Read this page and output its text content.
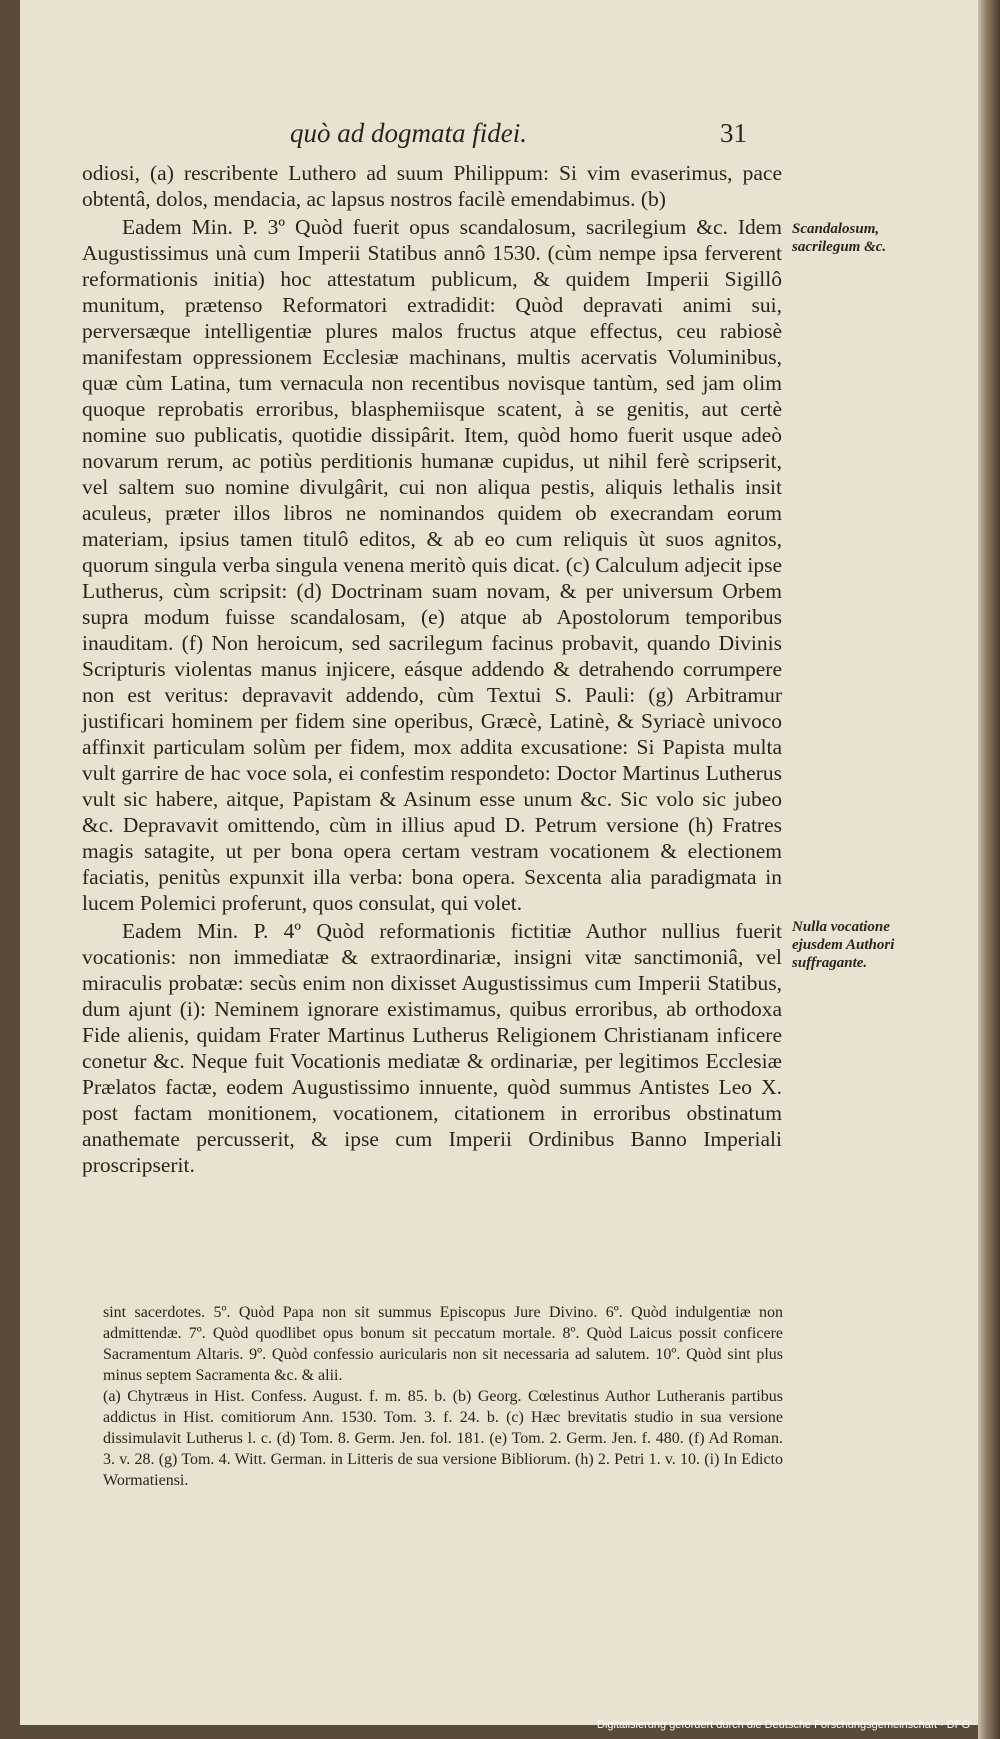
quò ad dogmata fidei.	31

odiosi, (a) rescribente Luthero ad suum Philippum: Si vim evaserimus, pace obtentâ, dolos, mendacia, ac lapsus nostros facilè emendabimus. (b)

Eadem Min. P. 3º Quòd fuerit opus scandalosum, sacrilegium &c. Idem Augustissimus unà cum Imperii Statibus annô 1530. (cùm nempe ipsa ferverent reformationis initia) hoc attestatum publicum, & quidem Imperii Sigillô munitum, prætenso Reformatori extradidit: Quòd depravati animi sui, perversæque intelligentiæ plures malos fructus atque effectus, ceu rabiosè manifestam oppressionem Ecclesiæ machinans, multis acervatis Voluminibus, quæ cùm Latina, tum vernacula non recentibus novisque tantùm, sed jam olim quoque reprobatis erroribus, blasphemiisque scatent, à se genitis, aut certè nomine suo publicatis, quotidie dissipârit. Item, quòd homo fuerit usque adeò novarum rerum, ac potiùs perditionis humanæ cupidus, ut nihil ferè scripserit, vel saltem suo nomine divulgârit, cui non aliqua pestis, aliquis lethalis insit aculeus, præter illos libros ne nominandos quidem ob execrandam eorum materiam, ipsius tamen titulô editos, & ab eo cum reliquis ùt suos agnitos, quorum singula verba singula venena meritò quis dicat. (c) Calculum adjecit ipse Lutherus, cùm scripsit: (d) Doctrinam suam novam, & per universum Orbem supra modum fuisse scandalosam, (e) atque ab Apostolorum temporibus inauditam. (f) Non heroicum, sed sacrilegum facinus probavit, quando Divinis Scripturis violentas manus injicere, eásque addendo & detrahendo corrumpere non est veritus: depravavit addendo, cùm Textui S. Pauli: (g) Arbitramur justificari hominem per fidem sine operibus, Græcè, Latinè, & Syriacè univoco affinxit particulam solùm per fidem, mox addita excusatione: Si Papista multa vult garrire de hac voce sola, ei confestim respondeto: Doctor Martinus Lutherus vult sic habere, aitque, Papistam & Asinum esse unum &c. Sic volo sic jubeo &c. Depravavit omittendo, cùm in illius apud D. Petrum versione (h) Fratres magis satagite, ut per bona opera certam vestram vocationem & electionem faciatis, penitùs expunxit illa verba: bona opera. Sexcenta alia paradigmata in lucem Polemici proferunt, quos consulat, qui volet.

Eadem Min. P. 4º Quòd reformationis fictitiæ Author nullius fuerit vocationis: non immediatæ & extraordinariæ, insigni vitæ sanctimoniâ, vel miraculis probatæ: secùs enim non dixisset Augustissimus cum Imperii Statibus, dum ajunt (i): Neminem ignorare existimamus, quibus erroribus, ab orthodoxa Fide alienis, quidam Frater Martinus Lutherus Religionem Christianam inficere conetur &c. Neque fuit Vocationis mediatæ & ordinariæ, per legitimos Ecclesiæ Prælatos factæ, eodem Augustissimo innuente, quòd summus Antistes Leo X. post factam monitionem, vocationem, citationem in erroribus obstinatum anathemate percusserit, & ipse cum Imperii Ordinibus Banno Imperiali proscripserit.

Scandalosum, sacrilegum &c.
Nulla vocatione ejusdem Authori suffragante.

sint sacerdotes. 5º. Quòd Papa non sit summus Episcopus Jure Divino. 6º. Quòd indulgentiæ non admittendæ. 7º. Quòd quodlibet opus bonum sit peccatum mortale. 8º. Quòd Laicus possit conficere Sacramentum Altaris. 9º. Quòd confessio auricularis non sit necessaria ad salutem. 10º. Quòd sint plus minus septem Sacramenta &c. & alii.

(a) Chytræus in Hist. Confess. August. f. m. 85. b. (b) Georg. Cœlestinus Author Lutheranis partibus addictus in Hist. comitiorum Ann. 1530. Tom. 3. f. 24. b. (c) Hæc brevitatis studio in sua versione dissimulavit Lutherus l. c. (d) Tom. 8. Germ. Jen. fol. 181. (e) Tom. 2. Germ. Jen. f. 480. (f) Ad Roman. 3. v. 28. (g) Tom. 4. Witt. German. in Litteris de sua versione Bibliorum. (h) 2. Petri 1. v. 10. (i) In Edicto Wormatiensi.

Digitalisierung gefördert durch die Deutsche Forschungsgemeinschaft · DFG
